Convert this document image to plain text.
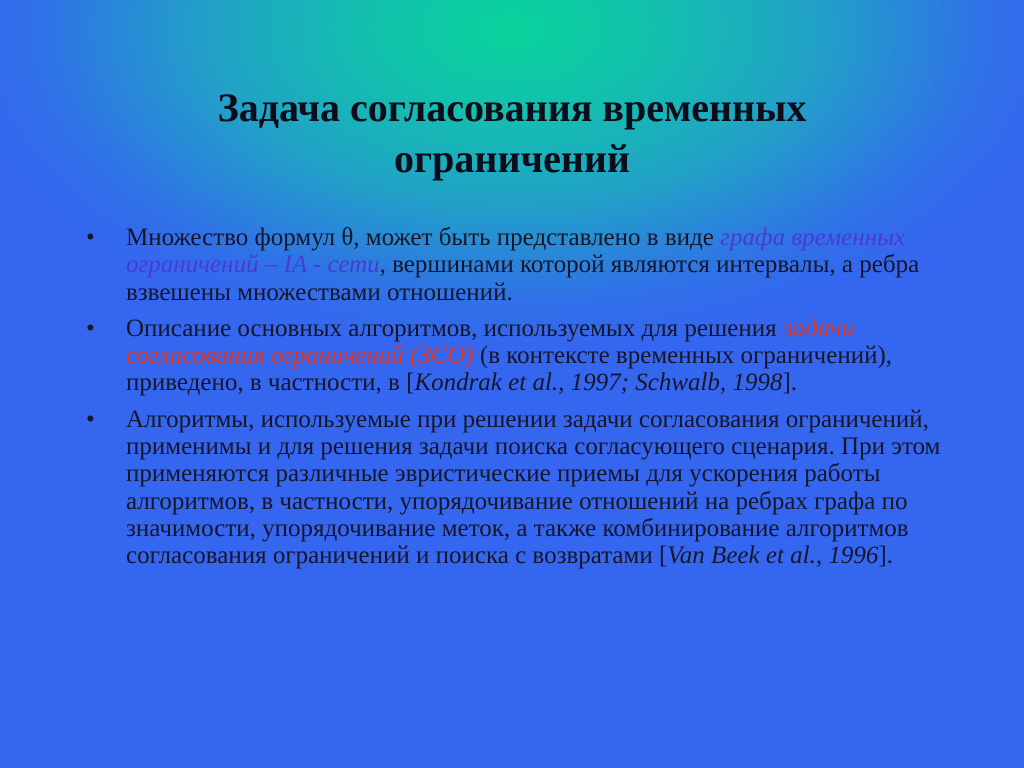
Задача согласования временных
ограничений
• Множество формул θ, может быть представлено в виде графа временных ограничений – IA - сети, вершинами которой являются интервалы, а ребра взвешены множествами отношений.
• Описание основных алгоритмов, используемых для решения задачи согласования ограничений (ЗСО) (в контексте временных ограничений), приведено, в частности, в [Kondrak et al., 1997; Schwalb, 1998].
• Алгоритмы, используемые при решении задачи согласования ограничений, применимы и для решения задачи поиска согласующего сценария. При этом применяются различные эвристические приемы для ускорения работы алгоритмов, в частности, упорядочивание отношений на ребрах графа по значимости, упорядочивание меток, а также комбинирование алгоритмов согласования ограничений и поиска с возвратами [Van Beek et al., 1996].
